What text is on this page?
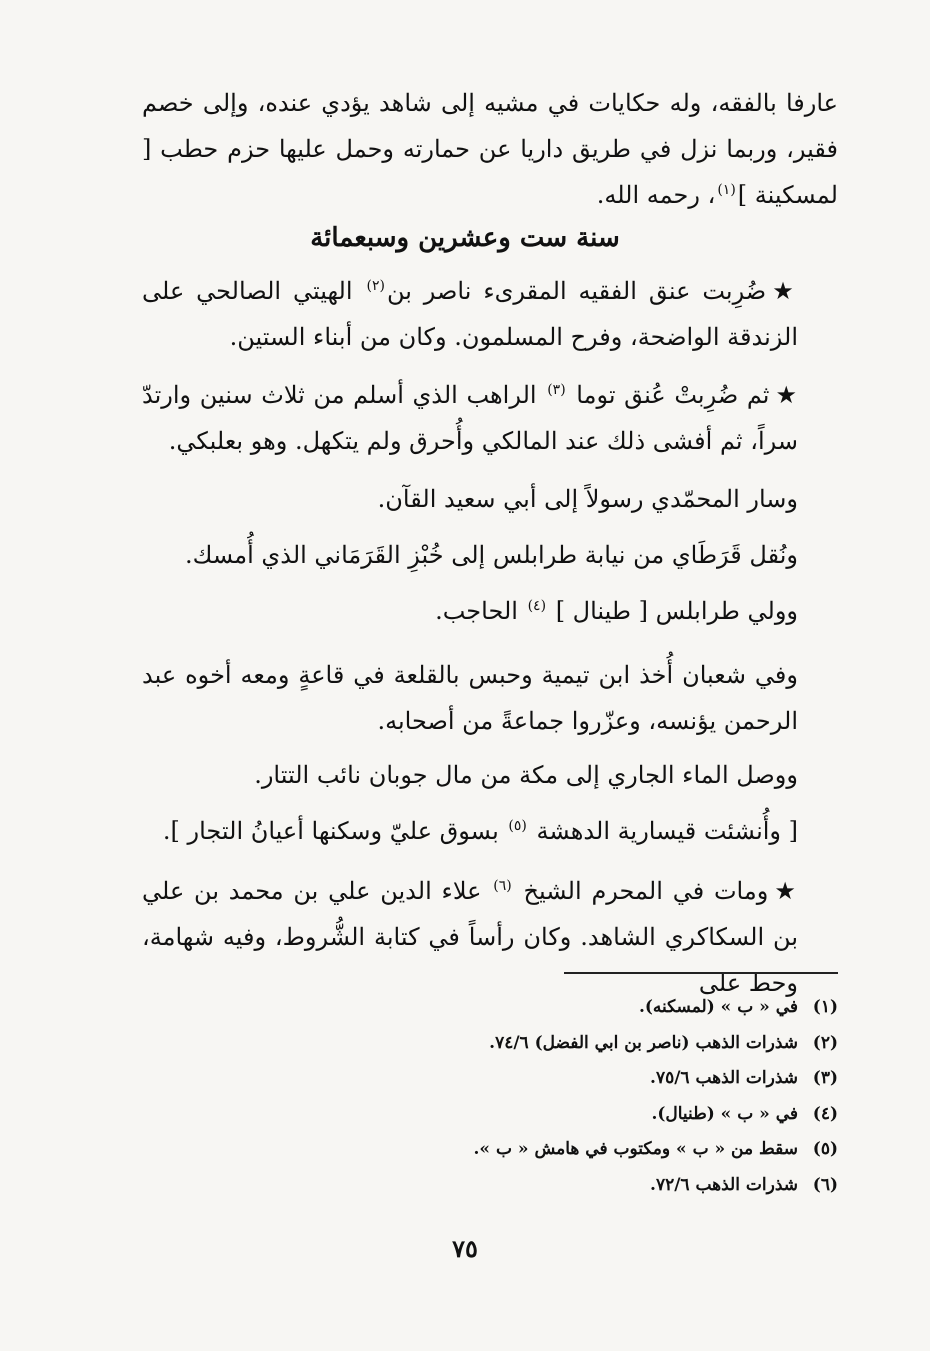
عارفا بالفقه، وله حكايات في مشيه إلى شاهد يؤدي عنده، وإلى خصم فقير، وربما نزل في طريق داريا عن حمارته وحمل عليها حزم حطب [ لمسكينة ]$^{(١)}$، رحمه الله.
سنة ست وعشرين وسبعمائة
★ضُرِبت عنق الفقيه المقرىء ناصر بن$^{(٢)}$ الهيتي الصالحي على الزندقة الواضحة، وفرح المسلمون. وكان من أبناء الستين.
★ثم ضُرِبتْ عُنق توما $^{(٣)}$ الراهب الذي أسلم من ثلاث سنين وارتدّ سراً، ثم أفشى ذلك عند المالكي وأُحرق ولم يتكهل. وهو بعلبكي.
وسار المحمّدي رسولاً إلى أبي سعيد القآن.
ونُقل قَرَطَاي من نيابة طرابلس إلى خُبْزِ القَرَمَاني الذي أُمسك.
وولي طرابلس [ طينال ] $^{(٤)}$ الحاجب.
وفي شعبان أُخذ ابن تيمية وحبس بالقلعة في قاعةٍ ومعه أخوه عبد الرحمن يؤنسه، وعزّروا جماعةً من أصحابه.
ووصل الماء الجاري إلى مكة من مال جوبان نائب التتار.
[ وأُنشئت قيسارية الدهشة $^{(٥)}$ بسوق عليّ وسكنها أعيانُ التجار ].
★ومات في المحرم الشيخ $^{(٦)}$ علاء الدين علي بن محمد بن علي بن السكاكري الشاهد. وكان رأساً في كتابة الشُّروط، وفيه شهامة، وحط على
(١)في « ب » (لمسكنه).
(٢)شذرات الذهب (ناصر بن ابي الفضل) ٧٤/٦.
(٣)شذرات الذهب ٧٥/٦.
(٤)في « ب » (طنيال).
(٥)سقط من « ب » ومكتوب في هامش « ب ».
(٦)شذرات الذهب ٧٢/٦.
٧٥
